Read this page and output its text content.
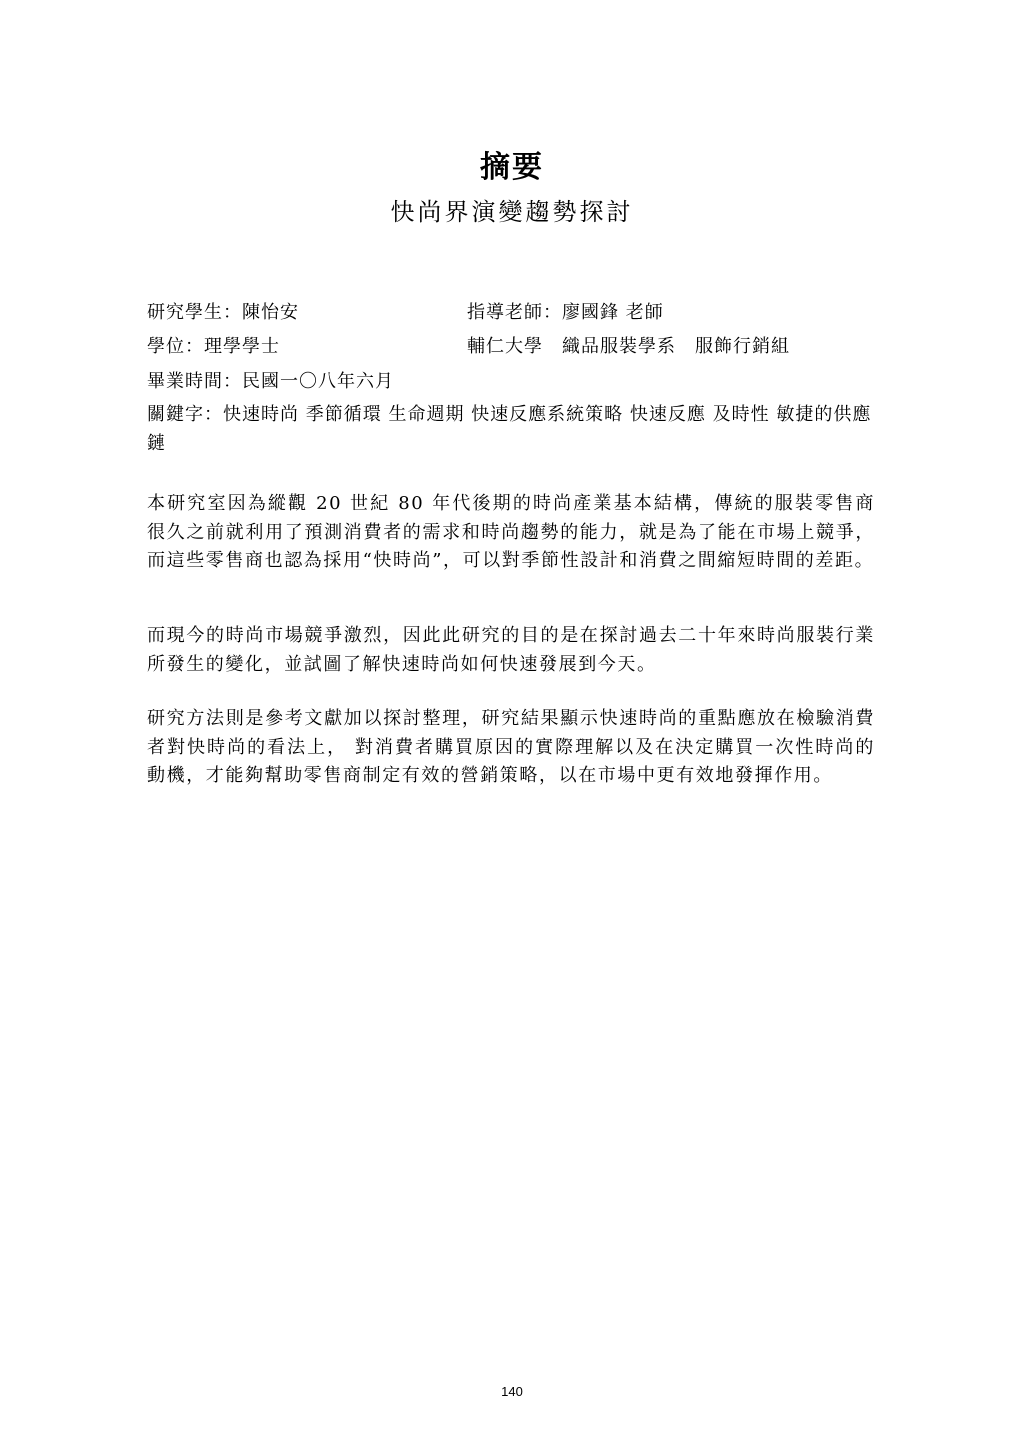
摘要
快尚界演變趨勢探討
研究學生：陳怡安	指導老師：廖國鋒 老師
學位：理學學士	輔仁大學　織品服裝學系　服飾行銷組
畢業時間：民國一〇八年六月
關鍵字：快速時尚 季節循環 生命週期 快速反應系統策略 快速反應 及時性 敏捷的供應鏈
本研究室因為縱觀 20 世紀 80 年代後期的時尚產業基本結構，傳統的服裝零售商很久之前就利用了預測消費者的需求和時尚趨勢的能力，就是為了能在市場上競爭， 而這些零售商也認為採用“快時尚”，可以對季節性設計和消費之間縮短時間的差距。
而現今的時尚市場競爭激烈，因此此研究的目的是在探討過去二十年來時尚服裝行業所發生的變化，並試圖了解快速時尚如何快速發展到今天。
研究方法則是參考文獻加以探討整理，研究結果顯示快速時尚的重點應放在檢驗消費者對快時尚的看法上， 對消費者購買原因的實際理解以及在決定購買一次性時尚的動機，才能夠幫助零售商制定有效的營銷策略，以在市場中更有效地發揮作用。
140
